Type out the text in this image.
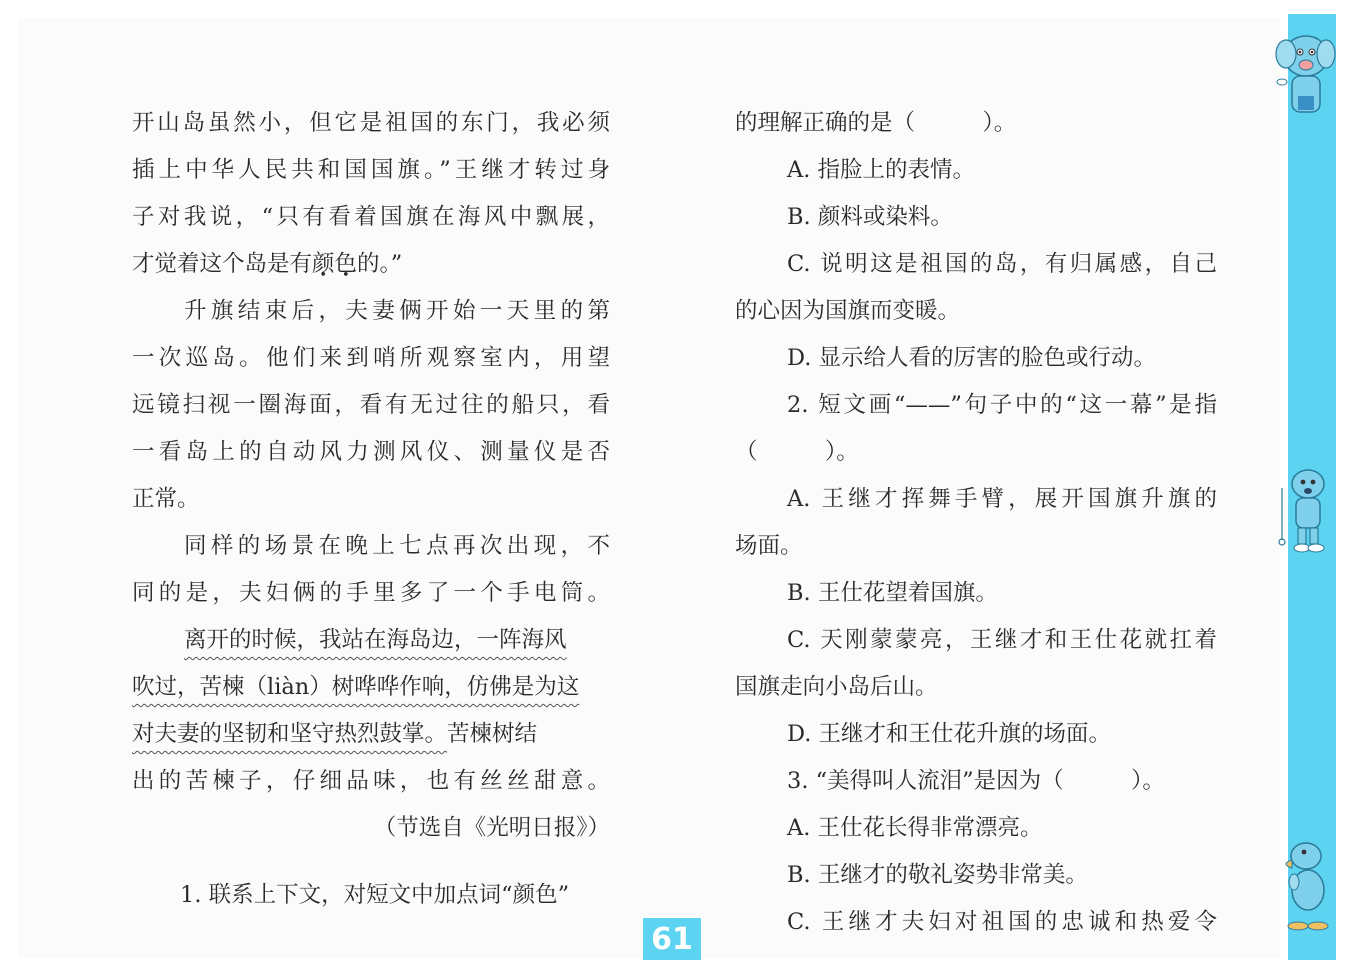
开山岛虽然小，但它是祖国的东门，我必须
插上中华人民共和国国旗。”王继才转过身
子对我说，“只有看着国旗在海风中飘展，
才觉着这个岛是有颜色的。”
升旗结束后，夫妻俩开始一天里的第
一次巡岛。他们来到哨所观察室内，用望
远镜扫视一圈海面，看有无过往的船只，看
一看岛上的自动风力测风仪、测量仪是否
正常。
同样的场景在晚上七点再次出现，不
同的是，夫妇俩的手里多了一个手电筒。
离开的时候，我站在海岛边，一阵海风
吹过，苦楝（liàn）树哗哗作响，仿佛是为这
对夫妻的坚韧和坚守热烈鼓掌。苦楝树结
出的苦楝子，仔细品味，也有丝丝甜意。
（节选自《光明日报》）
1. 联系上下文，对短文中加点词“颜色”
的理解正确的是（　　　）。
A. 指脸上的表情。
B. 颜料或染料。
C. 说明这是祖国的岛，有归属感，自己
的心因为国旗而变暖。
D. 显示给人看的厉害的脸色或行动。
2. 短文画“——”句子中的“这一幕”是指
（　　　）。
A. 王继才挥舞手臂，展开国旗升旗的
场面。
B. 王仕花望着国旗。
C. 天刚蒙蒙亮，王继才和王仕花就扛着
国旗走向小岛后山。
D. 王继才和王仕花升旗的场面。
3. “美得叫人流泪”是因为（　　　）。
A. 王仕花长得非常漂亮。
B. 王继才的敬礼姿势非常美。
C. 王继才夫妇对祖国的忠诚和热爱令
61
